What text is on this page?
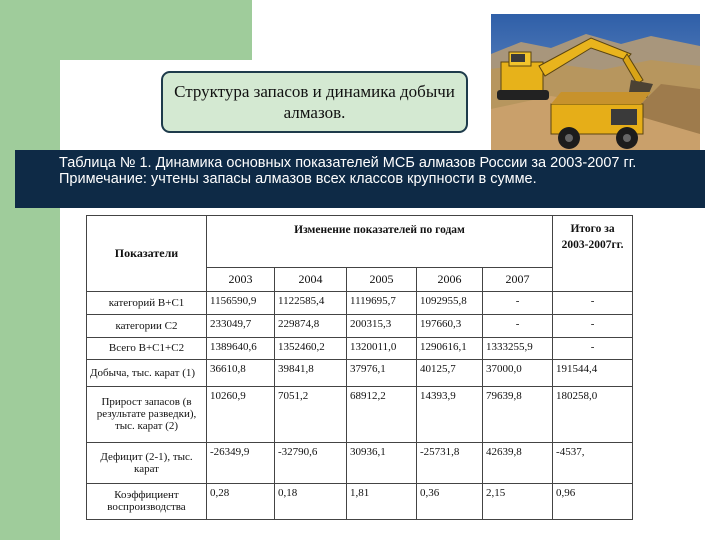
Структура запасов и динамика добычи алмазов.
Таблица № 1. Динамика основных показателей МСБ алмазов России за 2003-2007 гг.
Примечание: учтены запасы алмазов всех классов крупности в сумме.
Показатели	Изменение показателей по годам					Итого за 2003-2007гг.
	2003	2004	2005	2006	2007	
категорий В+С1	1156590,9	1122585,4	1119695,7	1092955,8	-	-
категории С2	233049,7	229874,8	200315,3	197660,3	-	-
Всего В+С1+С2	1389640,6	1352460,2	1320011,0	1290616,1	1333255,9	-
Добыча, тыс. карат (1)	36610,8	39841,8	37976,1	40125,7	37000,0	191544,4
Прирост запасов (в результате разведки), тыс. карат (2)	10260,9	7051,2	68912,2	14393,9	79639,8	180258,0
Дефицит (2-1), тыс. карат	-26349,9	-32790,6	30936,1	-25731,8	42639,8	-4537,
Коэффициент воспроизводства	0,28	0,18	1,81	0,36	2,15	0,96
